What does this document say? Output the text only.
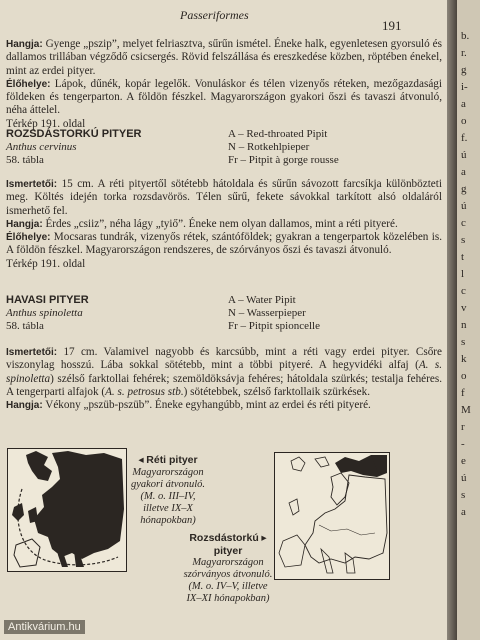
Passeriformes
191

Hangja: Gyenge „pszip”, melyet felriasztva, sűrűn ismétel. Éneke halk, egyenletesen gyorsuló és dallamos trillában végződő csicsergés. Rövid felszállása és ereszkedése közben, röptében énekel, mint az erdei pityer.

Élőhelye: Lápok, dűnék, kopár legelők. Vonuláskor és télen vizenyős réteken, mezőgazdasági földeken és tengerparton. A földön fészkel. Magyarországon gyakori őszi és tavaszi átvonuló, néha áttelel.

Térkép 191. oldal

ROZSDÁSTORKÚ PITYER
Anthus cervinus
58. tábla
A – Red-throated Pipit
N – Rotkehlpieper
Fr – Pitpit à gorge rousse

Ismertetői: 15 cm. A réti pityertől sötétebb hátoldala és sűrűn sávozott farcsíkja különbözteti meg. Költés idején torka rozsdavörös. Télen sűrű, fekete sávokkal tarkított alsó oldaláról ismerhető fel.

Hangja: Érdes „csiiz”, néha lágy „tyiő”. Éneke nem olyan dallamos, mint a réti pityeré.

Élőhelye: Mocsaras tundrák, vizenyős rétek, szántóföldek; gyakran a tengerpartok közelében is. A földön fészkel. Magyarországon rendszeres, de szórványos őszi és tavaszi átvonuló.

Térkép 191. oldal

HAVASI PITYER
Anthus spinoletta
58. tábla
A – Water Pipit
N – Wasserpieper
Fr – Pitpit spioncelle

Ismertetői: 17 cm. Valamivel nagyobb és karcsúbb, mint a réti vagy erdei pityer. Csőre viszonylag hosszú. Lába sokkal sötétebb, mint a többi pityeré. A hegyvidéki alfaj (A. s. spinoletta) szélső farktollai fehérek; szemöldöksávja fehéres; hátoldala szürkés; testalja fehéres. A tengerparti alfajok (A. s. petrosus stb.) sötétebbek, szélső farktollaik szürkések.

Hangja: Vékony „pszüb-pszüb”. Éneke egyhangúbb, mint az erdei és réti pityeré.

◂ Réti pityer
Magyarországon
gyakori átvonuló.
(M. o. III–IV,
illetve IX–X
hónapokban)
Rozsdástorkú ▸
pityer
Magyarországon
szórványos átvonuló.
(M. o. IV–V, illetve
IX–XI hónapokban)
Antikvárium.hu
b.
r.
g
i-
a
o
f.
ú
a
g
ú
c
s
t
l
c
v
n
s
k
o
f
M
r
-
e
ú
s
a
